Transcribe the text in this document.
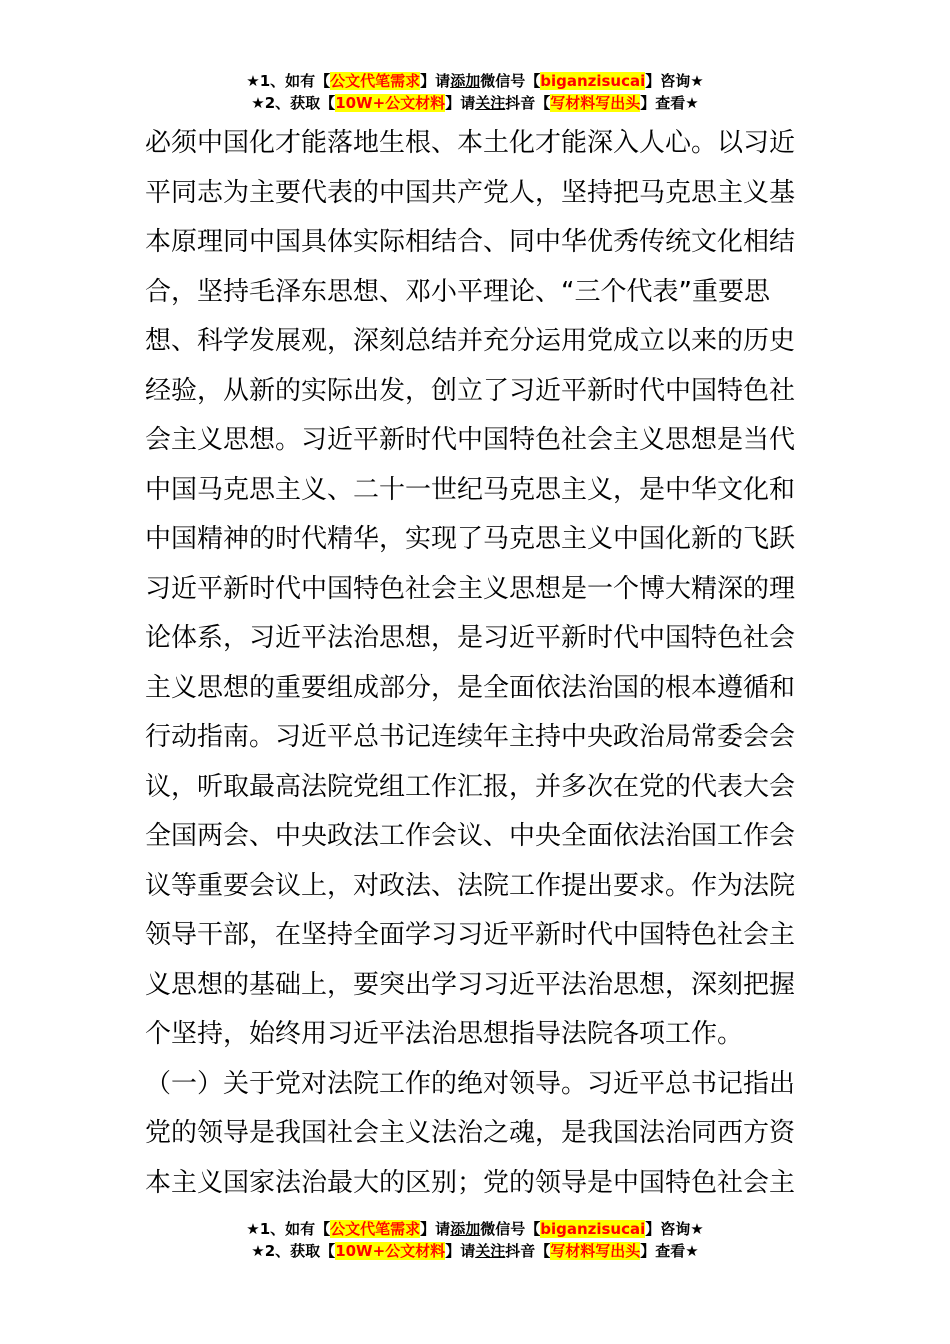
★1、如有【公文代笔需求】请添加微信号【biganzisucai】咨询★
★2、获取【10W+公文材料】请关注抖音【写材料写出头】查看★
必须中国化才能落地生根、本土化才能深入人心。以习近
平同志为主要代表的中国共产党人，坚持把马克思主义基
本原理同中国具体实际相结合、同中华优秀传统文化相结
合，坚持毛泽东思想、邓小平理论、“三个代表”重要思
想、科学发展观，深刻总结并充分运用党成立以来的历史
经验，从新的实际出发，创立了习近平新时代中国特色社
会主义思想。习近平新时代中国特色社会主义思想是当代
中国马克思主义、二十一世纪马克思主义，是中华文化和
中国精神的时代精华，实现了马克思主义中国化新的飞跃
习近平新时代中国特色社会主义思想是一个博大精深的理
论体系，习近平法治思想，是习近平新时代中国特色社会
主义思想的重要组成部分，是全面依法治国的根本遵循和
行动指南。习近平总书记连续年主持中央政治局常委会会
议，听取最高法院党组工作汇报，并多次在党的代表大会
全国两会、中央政法工作会议、中央全面依法治国工作会
议等重要会议上，对政法、法院工作提出要求。作为法院
领导干部，在坚持全面学习习近平新时代中国特色社会主
义思想的基础上，要突出学习习近平法治思想，深刻把握
个坚持，始终用习近平法治思想指导法院各项工作。
（一）关于党对法院工作的绝对领导。习近平总书记指出
党的领导是我国社会主义法治之魂，是我国法治同西方资
本主义国家法治最大的区别；党的领导是中国特色社会主
★1、如有【公文代笔需求】请添加微信号【biganzisucai】咨询★
★2、获取【10W+公文材料】请关注抖音【写材料写出头】查看★
